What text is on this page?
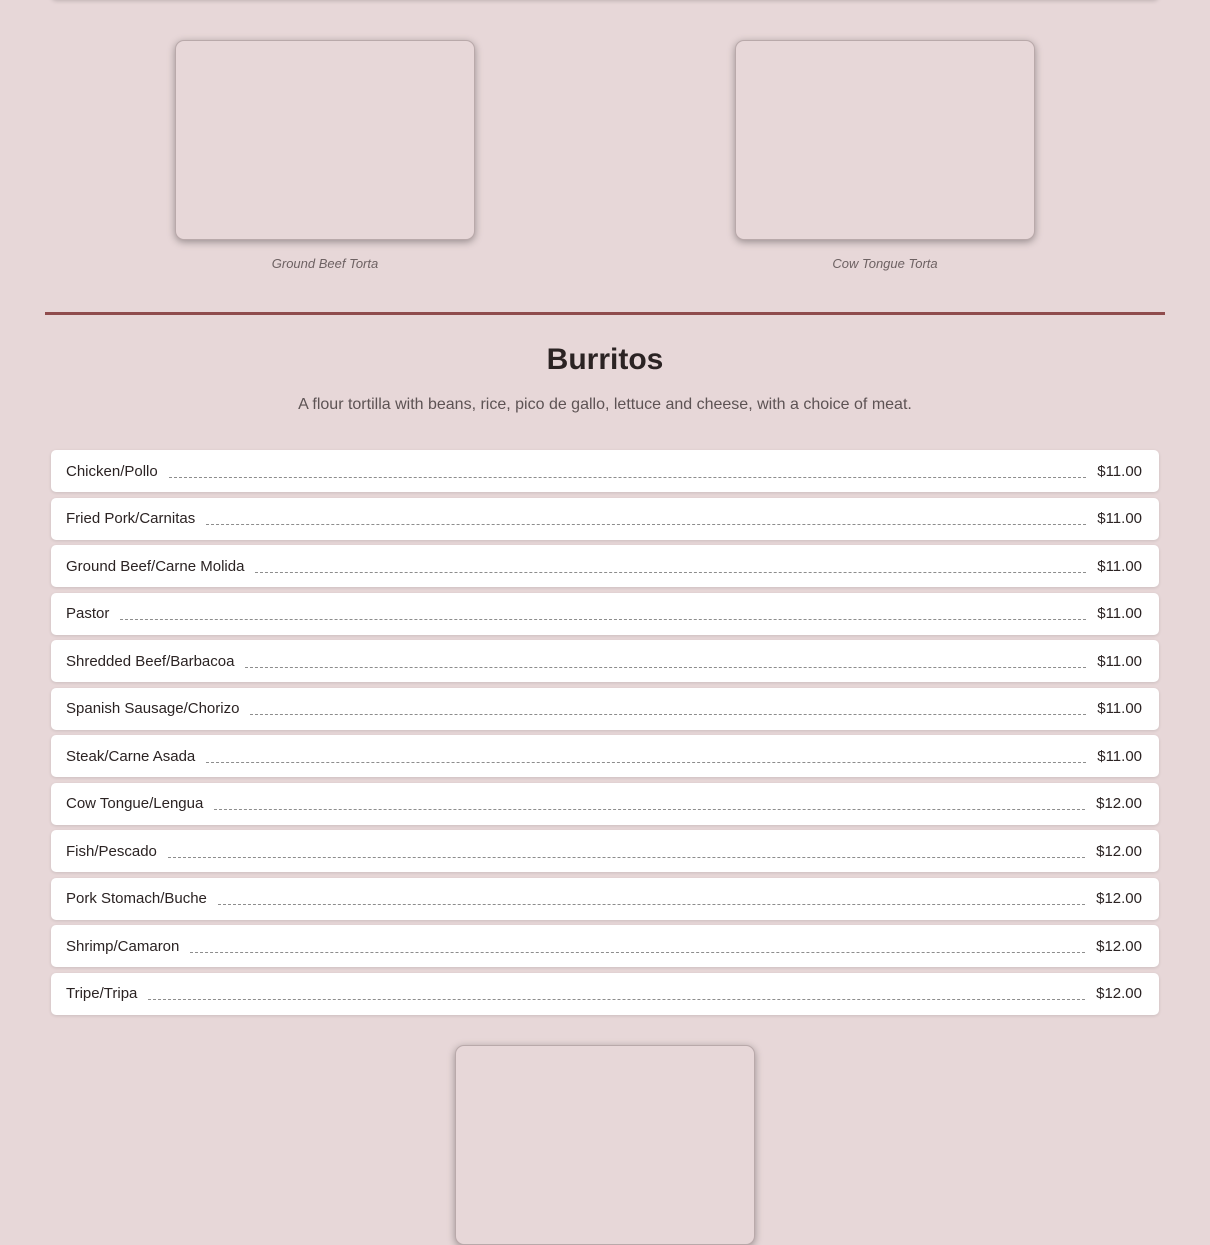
Ground Beef Torta	Cow Tongue Torta
Burritos

A flour tortilla with beans, rice, pico de gallo, lettuce and cheese, with a choice of meat.

Chicken/Pollo	$11.00
Fried Pork/Carnitas	$11.00
Ground Beef/Carne Molida	$11.00
Pastor	$11.00
Shredded Beef/Barbacoa	$11.00
Spanish Sausage/Chorizo	$11.00
Steak/Carne Asada	$11.00
Cow Tongue/Lengua	$12.00
Fish/Pescado	$12.00
Pork Stomach/Buche	$12.00
Shrimp/Camaron	$12.00
Tripe/Tripa	$12.00
